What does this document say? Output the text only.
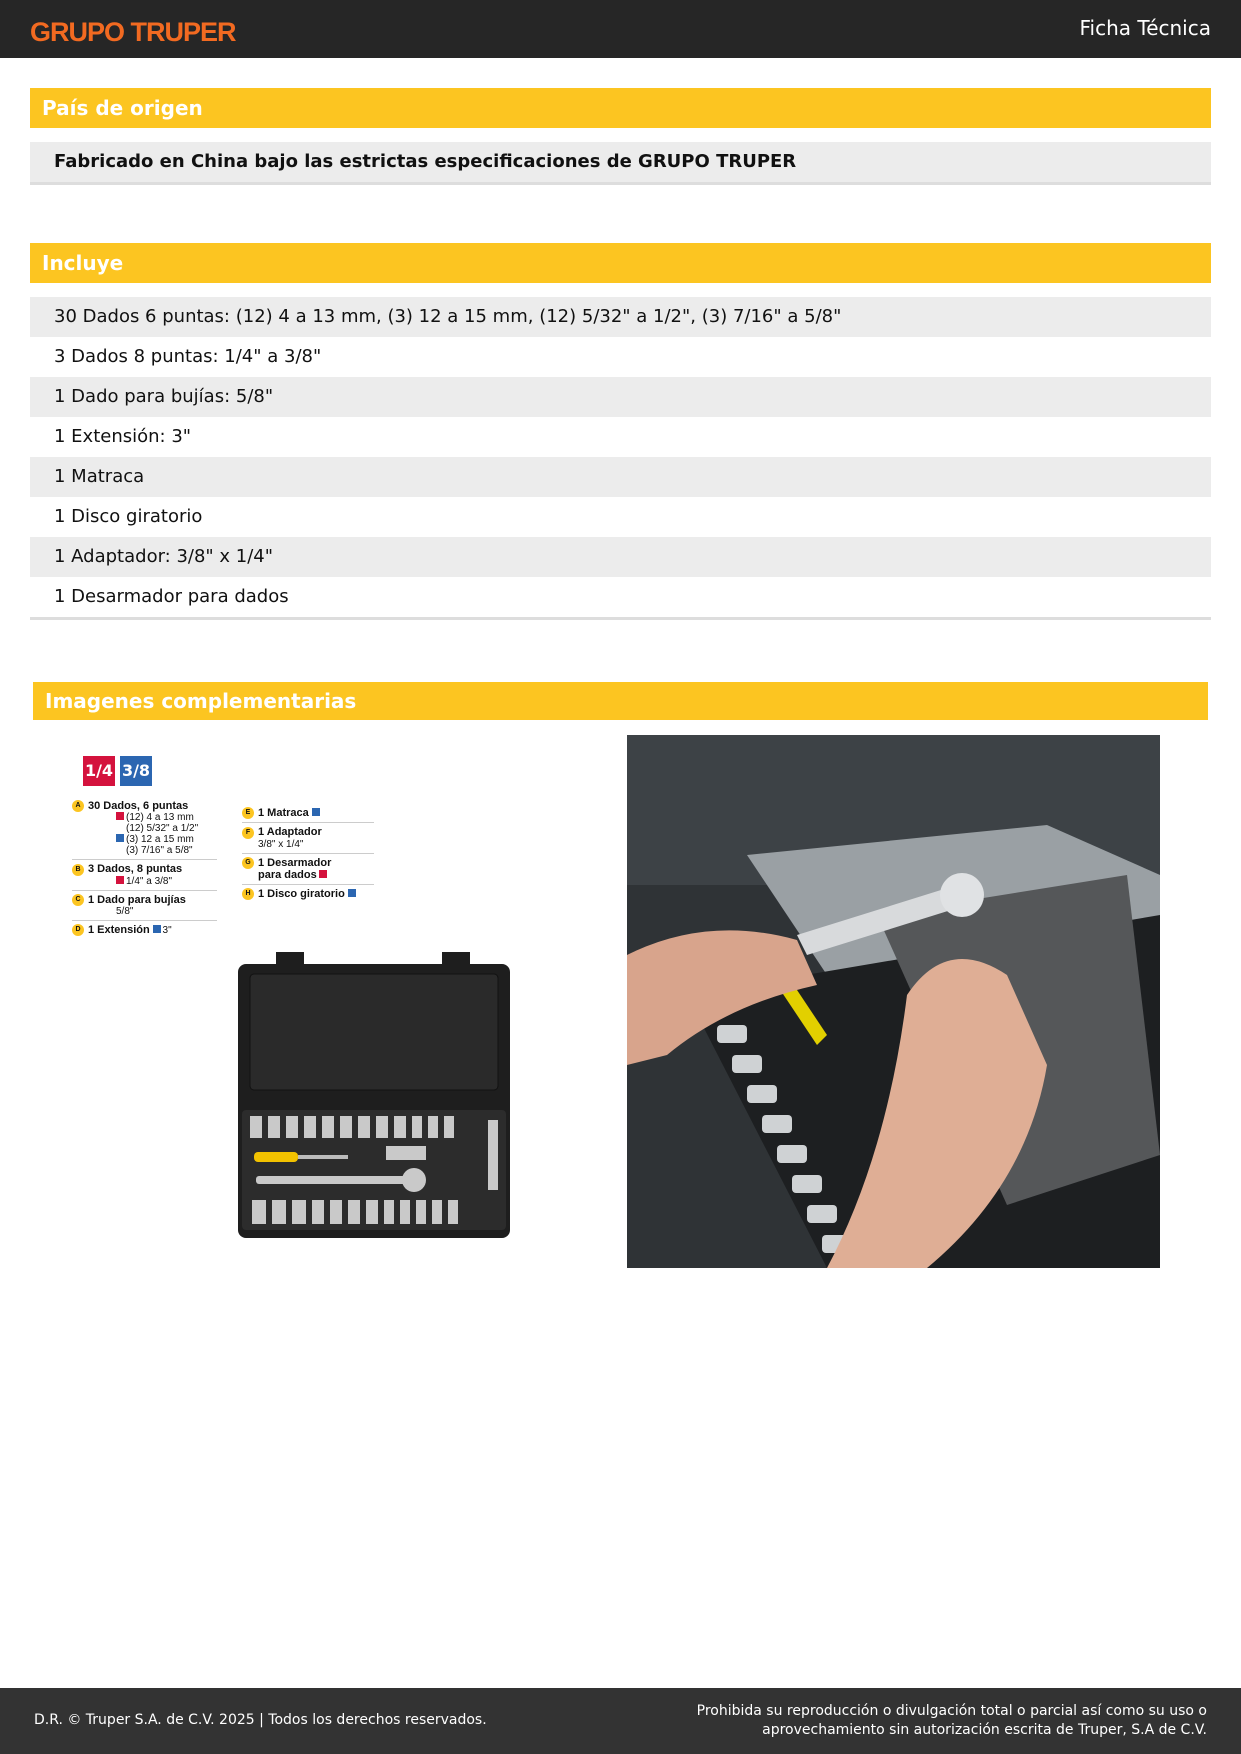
GRUPO TRUPER	Ficha Técnica
País de origen
Fabricado en China bajo las estrictas especificaciones de GRUPO TRUPER
Incluye
30 Dados 6 puntas: (12) 4 a 13 mm, (3) 12 a 15 mm, (12) 5/32" a 1/2", (3) 7/16" a 5/8"
3 Dados 8 puntas: 1/4" a 3/8"
1 Dado para bujías: 5/8"
1 Extensión: 3"
1 Matraca
1 Disco giratorio
1 Adaptador: 3/8" x 1/4"
1 Desarmador para dados
Imagenes complementarias
1/4 3/8
A 30 Dados, 6 puntas
(12) 4 a 13 mm
(12) 5/32" a 1/2"
(3) 12 a 15 mm
(3) 7/16" a 5/8"
B 3 Dados, 8 puntas
1/4" a 3/8"
C 1 Dado para bujías
5/8"
D 1 Extensión 3"
E 1 Matraca
F 1 Adaptador
3/8" x 1/4"
G 1 Desarmador
para dados
H 1 Disco giratorio
D.R. © Truper S.A. de C.V. 2025 | Todos los derechos reservados.
Prohibida su reproducción o divulgación total o parcial así como su uso o
aprovechamiento sin autorización escrita de Truper, S.A de C.V.
